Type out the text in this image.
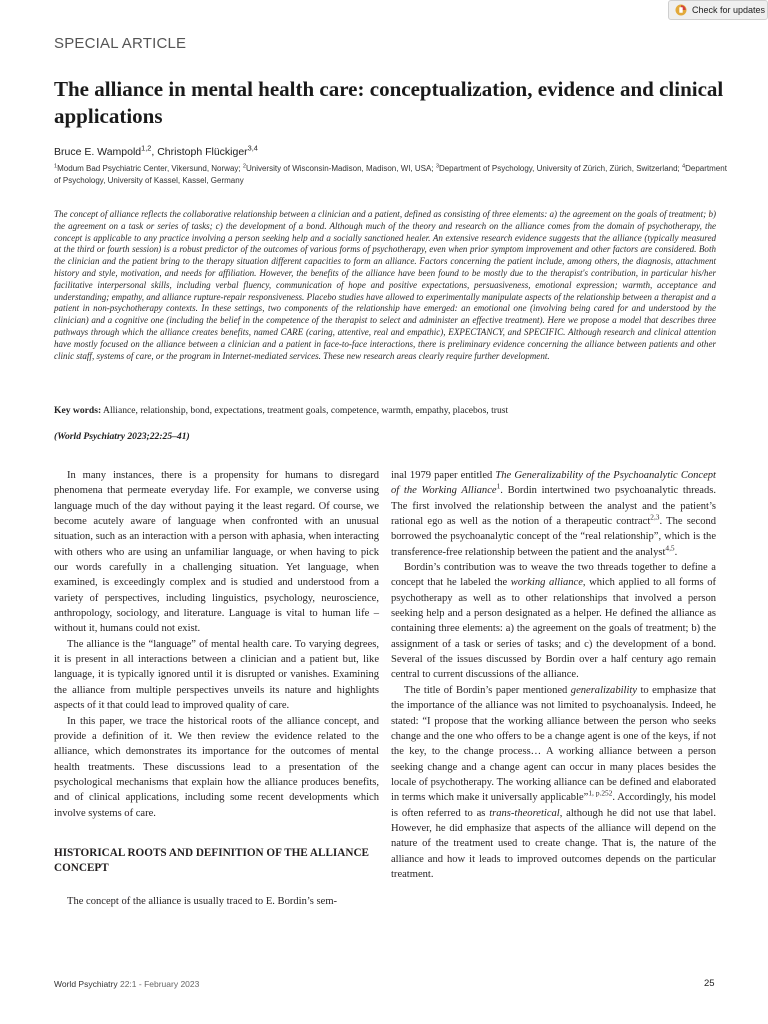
Check for updates
SPECIAL ARTICLE
The alliance in mental health care: conceptualization, evidence and clinical applications
Bruce E. Wampold$^{1,2}$, Christoph Flückiger$^{3,4}$
$^1$Modum Bad Psychiatric Center, Vikersund, Norway; $^2$University of Wisconsin-Madison, Madison, WI, USA; $^3$Department of Psychology, University of Zürich, Zürich, Switzerland; $^4$Department of Psychology, University of Kassel, Kassel, Germany

The concept of alliance reflects the collaborative relationship between a clinician and a patient, defined as consisting of three elements: a) the agreement on the goals of treatment; b) the agreement on a task or series of tasks; c) the development of a bond. Although much of the theory and research on the alliance comes from the domain of psychotherapy, the concept is applicable to any practice involving a person seeking help and a socially sanctioned healer. An extensive research evidence suggests that the alliance (typically measured at the third or fourth session) is a robust predictor of the outcomes of various forms of psychotherapy, even when prior symptom improvement and other factors are considered. Both the clinician and the patient bring to the therapy situation different capacities to form an alliance. Factors concerning the patient include, among others, the diagnosis, attachment history and style, motivation, and needs for affiliation. However, the benefits of the alliance have been found to be mostly due to the therapist's contribution, in particular his/her facilitative interpersonal skills, including verbal fluency, communication of hope and positive expectations, persuasiveness, emotional expression; warmth, acceptance and understanding; empathy, and alliance rupture-repair responsiveness. Placebo studies have allowed to experimentally manipulate aspects of the relationship between a therapist and a patient in non-psychotherapy contexts. In these settings, two components of the relationship have emerged: an emotional one (involving being cared for and understood by the clinician) and a cognitive one (including the belief in the competence of the therapist to select and administer an effective treatment). Here we propose a model that describes three pathways through which the alliance creates benefits, named CARE (caring, attentive, real and empathic), EXPECTANCY, and SPECIFIC. Although research and clinical attention have mostly focused on the alliance between a clinician and a patient in face-to-face interactions, there is preliminary evidence concerning the alliance between patients and other clinic staff, systems of care, or the program in Internet-mediated services. These new research areas clearly require further development.

Key words: Alliance, relationship, bond, expectations, treatment goals, competence, warmth, empathy, placebos, trust
(World Psychiatry 2023;22:25–41)

In many instances, there is a propensity for humans to disregard phenomena that permeate everyday life. For example, we converse using language much of the day without paying it the least regard. Of course, we become acutely aware of language when confronted with an unusual situation, such as an interaction with a person with aphasia, when interacting with others who are using an unfamiliar language, or when having to pick our words carefully in a challenging situation. Yet language, when examined, is exceedingly complex and is studied and understood from a variety of perspectives, including linguistics, psychology, neuroscience, anthropology, sociology, and literature. Language is vital to human life – without it, humans could not exist.

The alliance is the “language” of mental health care. To varying degrees, it is present in all interactions between a clinician and a patient but, like language, it is typically ignored until it is disrupted or vanishes. Examining the alliance from multiple perspectives unveils its nature and highlights aspects of it that could lead to improved quality of care.

In this paper, we trace the historical roots of the alliance concept, and provide a definition of it. We then review the evidence related to the alliance, which demonstrates its importance for the outcomes of mental health treatments. These discussions lead to a presentation of the psychological mechanisms that explain how the alliance produces benefits, and of clinical applications, including some recent developments which involve systems of care.

HISTORICAL ROOTS AND DEFINITION OF THE ALLIANCE CONCEPT

The concept of the alliance is usually traced to E. Bordin’s sem-

inal 1979 paper entitled The Generalizability of the Psychoanalytic Concept of the Working Alliance$^1$. Bordin intertwined two psychoanalytic threads. The first involved the relationship between the analyst and the patient’s rational ego as well as the notion of a therapeutic contract$^{2,3}$. The second borrowed the psychoanalytic concept of the “real relationship”, which is the transference-free relationship between the patient and the analyst$^{4,5}$.

Bordin’s contribution was to weave the two threads together to define a concept that he labeled the working alliance, which applied to all forms of psychotherapy as well as to other relationships that involved a person seeking help and a person designated as a helper. He defined the alliance as containing three elements: a) the agreement on the goals of treatment; b) the assignment of a task or series of tasks; and c) the development of a bond. Several of the issues discussed by Bordin over a half century ago remain central to current discussions of the alliance.

The title of Bordin’s paper mentioned generalizability to emphasize that the importance of the alliance was not limited to psychoanalysis. Indeed, he stated: “I propose that the working alliance between the person who seeks change and the one who offers to be a change agent is one of the keys, if not the key, to the change process… A working alliance between a person seeking change and a change agent can occur in many places besides the locale of psychotherapy. The working alliance can be defined and elaborated in terms which make it universally applicable”$^{1, p.252}$. Accordingly, his model is often referred to as trans-theoretical, although he did not use that label. However, he did emphasize that aspects of the alliance will depend on the nature of the treatment used to create change. That is, the nature of the alliance and how it leads to improved outcomes depends on the particular treatment.

World Psychiatry 22:1 - February 2023	25
